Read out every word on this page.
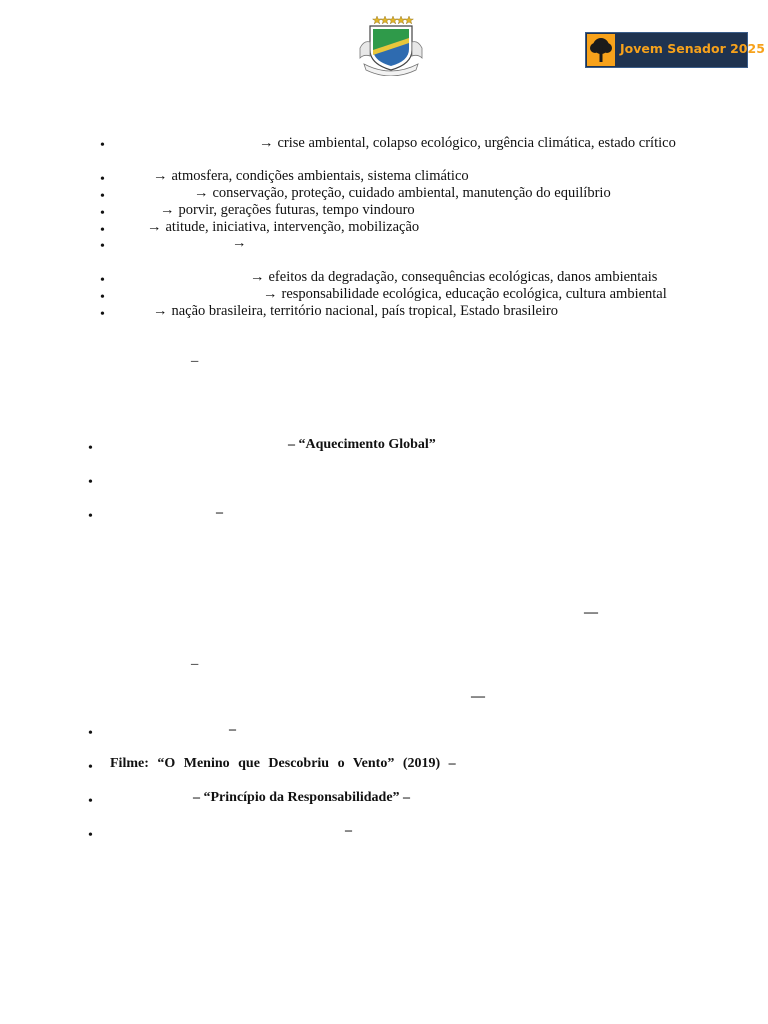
Jovem Senador 2025
•	→ crise ambiental, colapso ecológico, urgência climática, estado crítico
•	→ atmosfera, condições ambientais, sistema climático
•	→ conservação, proteção, cuidado ambiental, manutenção do equilíbrio
•	→ porvir, gerações futuras, tempo vindouro
•	→ atitude, iniciativa, intervenção, mobilização
•	→
•	→ efeitos da degradação, consequências ecológicas, danos ambientais
•	→ responsabilidade ecológica, educação ecológica, cultura ambiental
•	→ nação brasileira, território nacional, país tropical, Estado brasileiro
–
•	– “Aquecimento Global”
•
•	–
—
–
—
•	–
• Filme: “O Menino que Descobriu o Vento” (2019) –
•	– “Princípio da Responsabilidade” –
•	–
